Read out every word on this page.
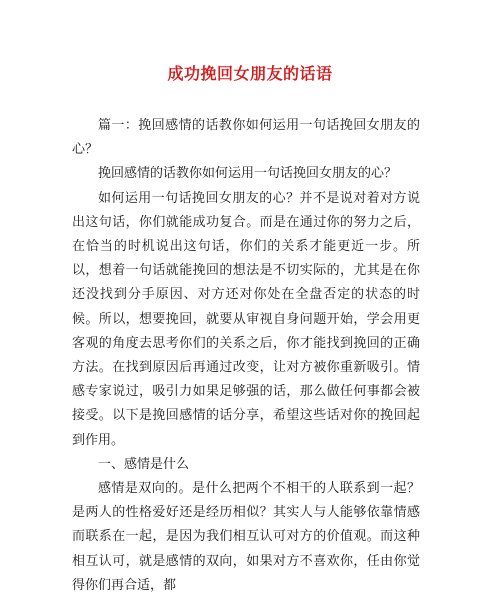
成功挽回女朋友的话语

篇一：挽回感情的话教你如何运用一句话挽回女朋友的心？

挽回感情的话教你如何运用一句话挽回女朋友的心？

如何运用一句话挽回女朋友的心？并不是说对着对方说出这句话，你们就能成功复合。而是在通过你的努力之后，在恰当的时机说出这句话，你们的关系才能更近一步。所以，想着一句话就能挽回的想法是不切实际的，尤其是在你还没找到分手原因、对方还对你处在全盘否定的状态的时候。所以，想要挽回，就要从审视自身问题开始，学会用更客观的角度去思考你们的关系之后，你才能找到挽回的正确方法。在找到原因后再通过改变，让对方被你重新吸引。情感专家说过，吸引力如果足够强的话，那么做任何事都会被接受。以下是挽回感情的话分享，希望这些话对你的挽回起到作用。

一、感情是什么

感情是双向的。是什么把两个不相干的人联系到一起？是两人的性格爱好还是经历相似？其实人与人能够依靠情感而联系在一起，是因为我们相互认可对方的价值观。而这种相互认可，就是感情的双向，如果对方不喜欢你，任由你觉得你们再合适，都
